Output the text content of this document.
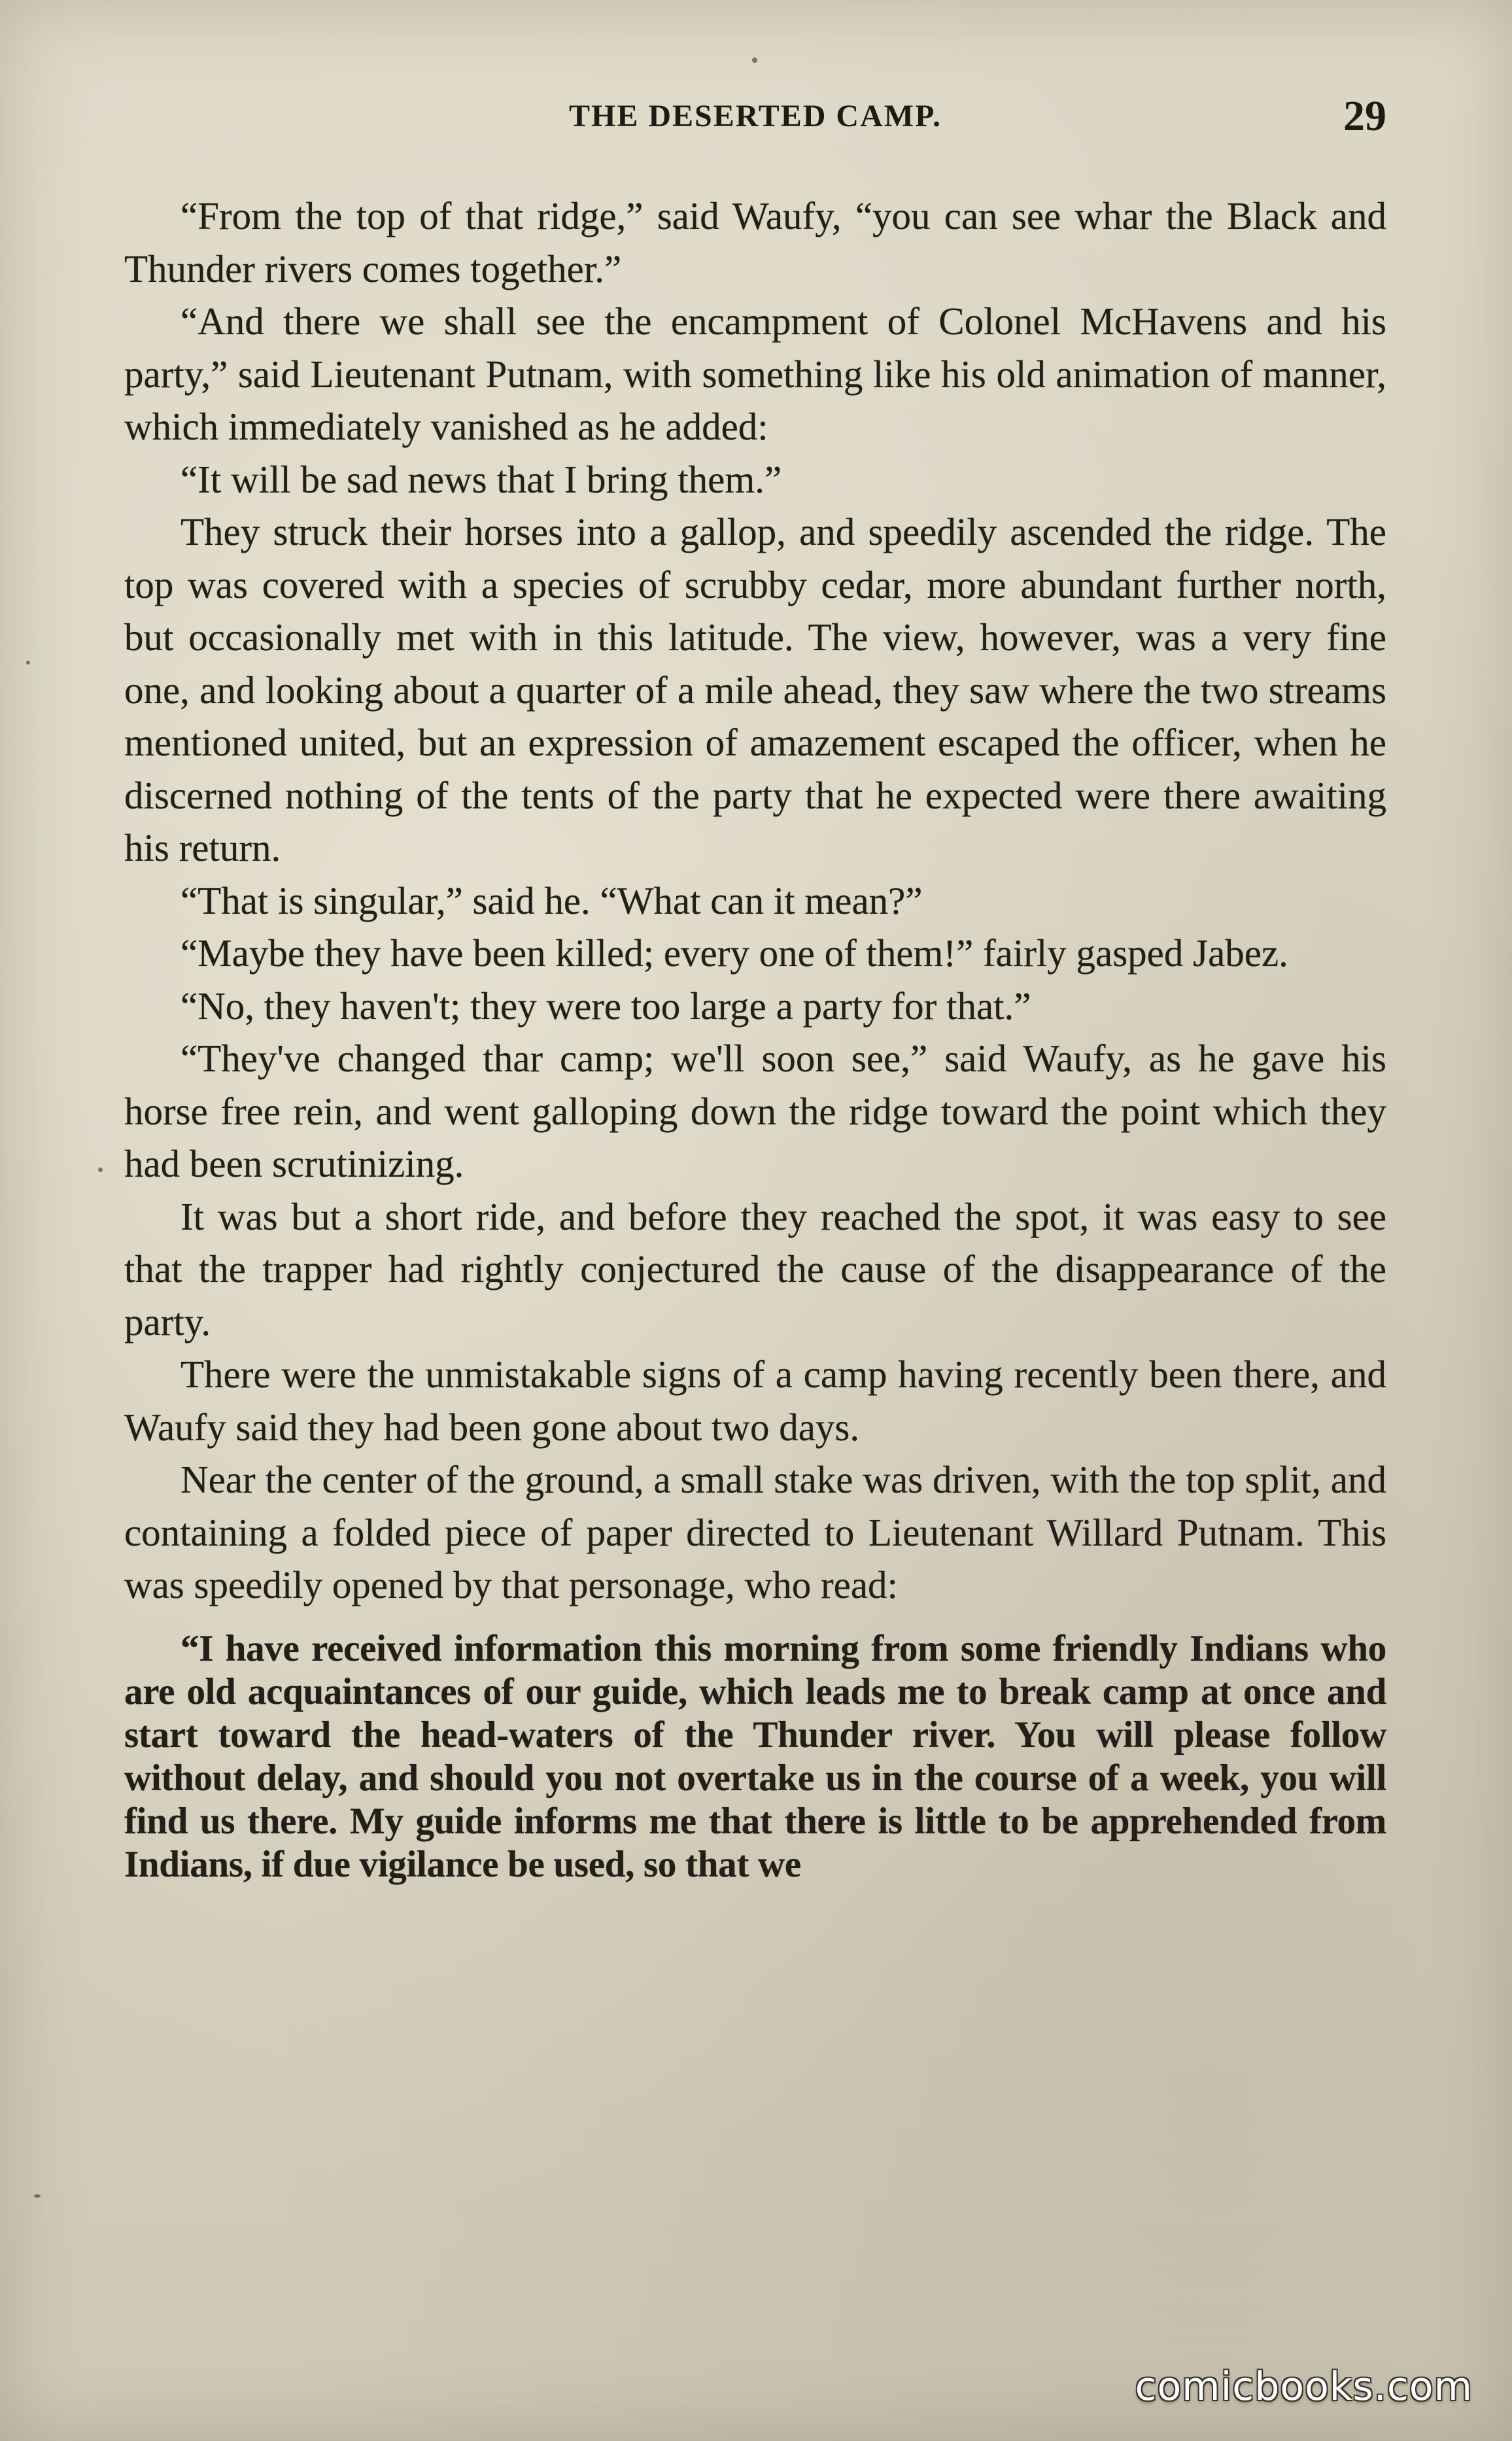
THE DESERTED CAMP.	29

“From the top of that ridge,” said Waufy, “you can see whar the Black and Thunder rivers comes together.”

“And there we shall see the encampment of Colonel McHavens and his party,” said Lieutenant Putnam, with something like his old animation of manner, which immediately vanished as he added:

“It will be sad news that I bring them.”

They struck their horses into a gallop, and speedily ascended the ridge. The top was covered with a species of scrubby cedar, more abundant further north, but occasionally met with in this latitude. The view, however, was a very fine one, and looking about a quarter of a mile ahead, they saw where the two streams mentioned united, but an expression of amazement escaped the officer, when he discerned nothing of the tents of the party that he expected were there awaiting his return.

“That is singular,” said he. “What can it mean?”

“Maybe they have been killed; every one of them!” fairly gasped Jabez.

“No, they haven't; they were too large a party for that.”

“They've changed thar camp; we'll soon see,” said Waufy, as he gave his horse free rein, and went galloping down the ridge toward the point which they had been scrutinizing.

It was but a short ride, and before they reached the spot, it was easy to see that the trapper had rightly conjectured the cause of the disappearance of the party.

There were the unmistakable signs of a camp having recently been there, and Waufy said they had been gone about two days.

Near the center of the ground, a small stake was driven, with the top split, and containing a folded piece of paper directed to Lieutenant Willard Putnam. This was speedily opened by that personage, who read:

“I have received information this morning from some friendly Indians who are old acquaintances of our guide, which leads me to break camp at once and start toward the head-waters of the Thunder river. You will please follow without delay, and should you not overtake us in the course of a week, you will find us there. My guide informs me that there is little to be apprehended from Indians, if due vigilance be used, so that we

comicbooks.com
